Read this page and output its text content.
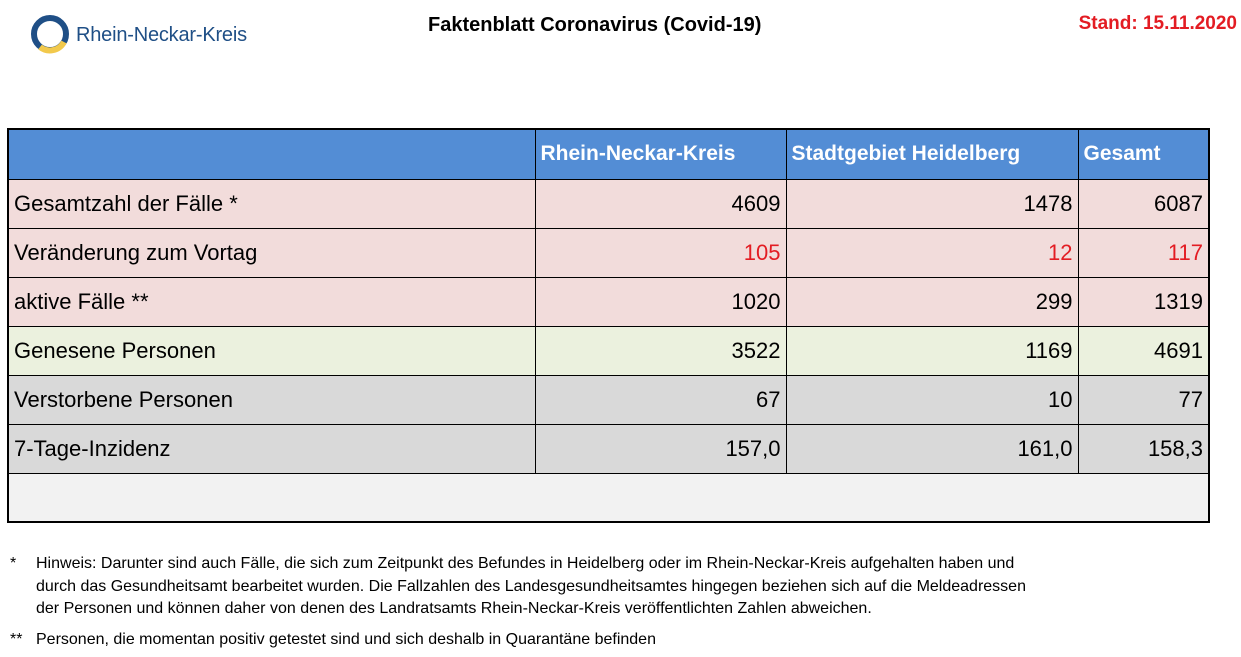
Rhein-Neckar-Kreis	Faktenblatt Coronavirus (Covid-19)	Stand: 15.11.2020
	Rhein-Neckar-Kreis	Stadtgebiet Heidelberg	Gesamt
Gesamtzahl der Fälle *	4609	1478	6087
Veränderung zum Vortag	105	12	117
aktive Fälle **	1020	299	1319
Genesene Personen	3522	1169	4691
Verstorbene Personen	67	10	77
7-Tage-Inzidenz	157,0	161,0	158,3

* Hinweis: Darunter sind auch Fälle, die sich zum Zeitpunkt des Befundes in Heidelberg oder im Rhein-Neckar-Kreis aufgehalten haben und
durch das Gesundheitsamt bearbeitet wurden. Die Fallzahlen des Landesgesundheitsamtes hingegen beziehen sich auf die Meldeadressen
der Personen und können daher von denen des Landratsamts Rhein-Neckar-Kreis veröffentlichten Zahlen abweichen.
** Personen, die momentan positiv getestet sind und sich deshalb in Quarantäne befinden
